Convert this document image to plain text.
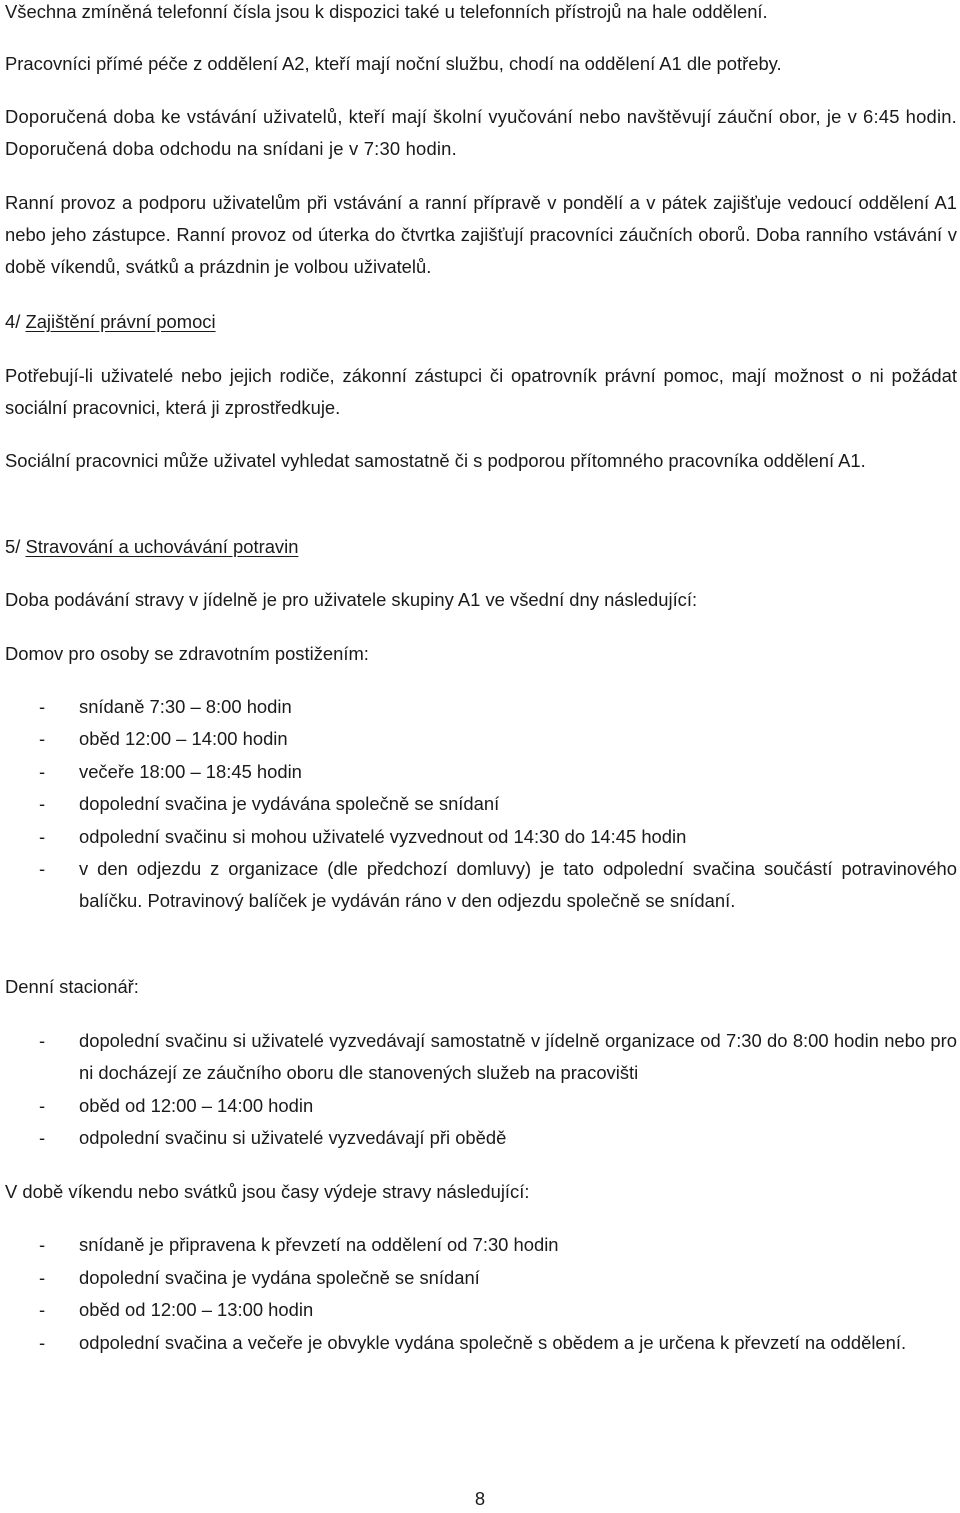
Všechna zmíněná telefonní čísla jsou k dispozici také u telefonních přístrojů na hale oddělení.
Pracovníci přímé péče z oddělení A2, kteří mají noční službu, chodí na oddělení A1 dle potřeby.
Doporučená doba ke vstávání uživatelů, kteří mají školní vyučování nebo navštěvují záuční obor, je v 6:45 hodin. Doporučená doba odchodu na snídani je v 7:30 hodin.
Ranní provoz a podporu uživatelům při vstávání a ranní přípravě v pondělí a v pátek zajišťuje vedoucí oddělení A1 nebo jeho zástupce. Ranní provoz od úterka do čtvrtka zajišťují pracovníci záučních oborů. Doba ranního vstávání v době víkendů, svátků a prázdnin je volbou uživatelů.
4/ Zajištění právní pomoci
Potřebují-li uživatelé nebo jejich rodiče, zákonní zástupci či opatrovník právní pomoc, mají možnost o ni požádat sociální pracovnici, která ji zprostředkuje.
Sociální pracovnici může uživatel vyhledat samostatně či s podporou přítomného pracovníka oddělení A1.
5/ Stravování a uchovávání potravin
Doba podávání stravy v jídelně je pro uživatele skupiny A1 ve všední dny následující:
Domov pro osoby se zdravotním postižením:
- snídaně 7:30 – 8:00 hodin
- oběd 12:00 – 14:00 hodin
- večeře 18:00 – 18:45 hodin
- dopolední svačina je vydávána společně se snídaní
- odpolední svačinu si mohou uživatelé vyzvednout od 14:30 do 14:45 hodin
- v den odjezdu z organizace (dle předchozí domluvy) je tato odpolední svačina součástí potravinového balíčku. Potravinový balíček je vydáván ráno v den odjezdu společně se snídaní.
Denní stacionář:
- dopolední svačinu si uživatelé vyzvedávají samostatně v jídelně organizace od 7:30 do 8:00 hodin nebo pro ni docházejí ze záučního oboru dle stanovených služeb na pracovišti
- oběd od 12:00 – 14:00 hodin
- odpolední svačinu si uživatelé vyzvedávají při obědě
V době víkendu nebo svátků jsou časy výdeje stravy následující:
- snídaně je připravena k převzetí na oddělení od 7:30 hodin
- dopolední svačina je vydána společně se snídaní
- oběd od 12:00 – 13:00 hodin
- odpolední svačina a večeře je obvykle vydána společně s obědem a je určena k převzetí na oddělení.
8
